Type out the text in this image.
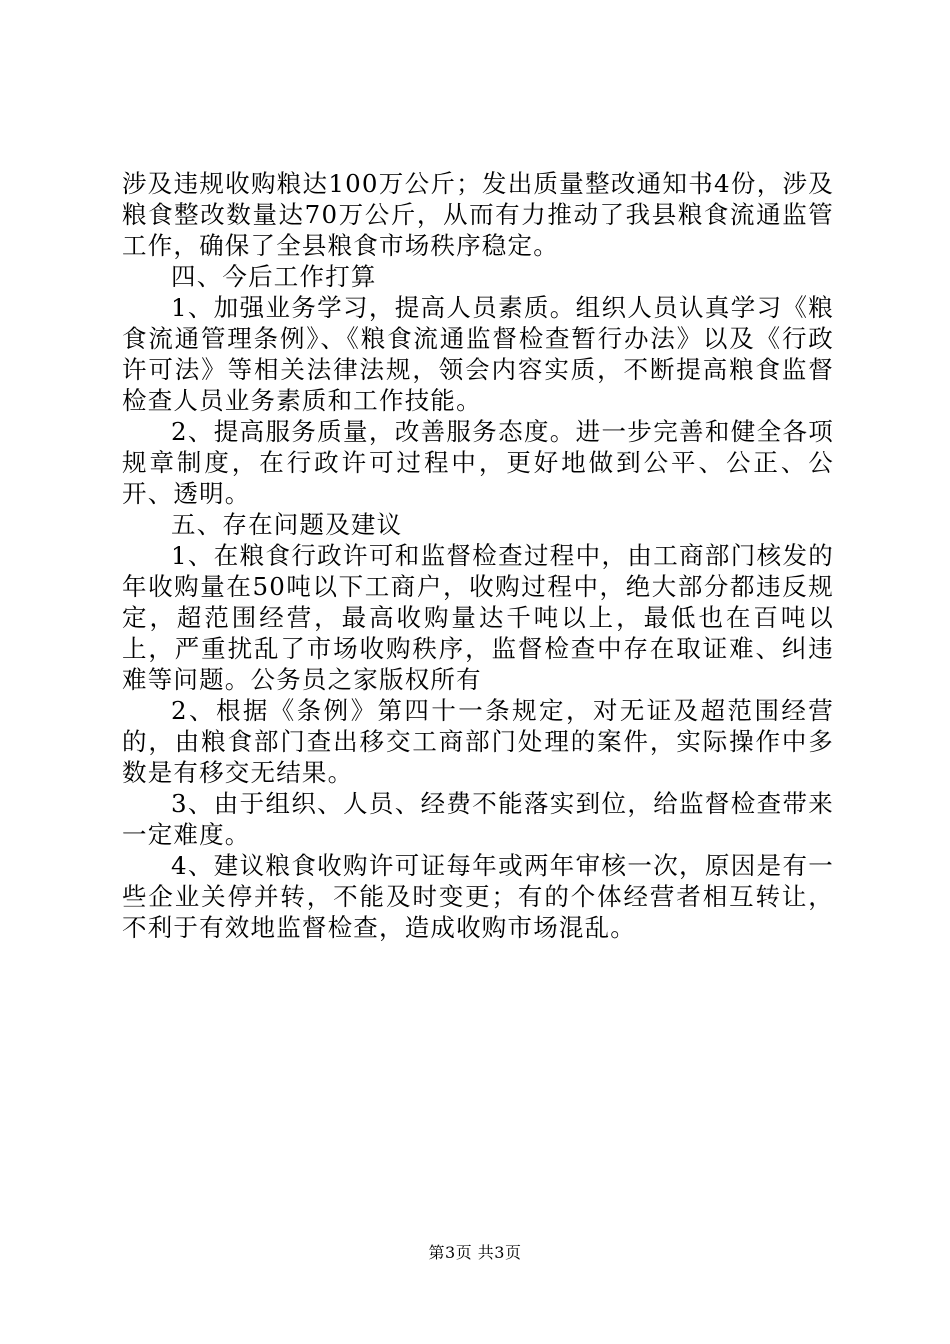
涉及违规收购粮达100万公斤；发出质量整改通知书4份，涉及粮食整改数量达70万公斤，从而有力推动了我县粮食流通监管工作，确保了全县粮食市场秩序稳定。

四、今后工作打算

1、加强业务学习，提高人员素质。组织人员认真学习《粮食流通管理条例》、《粮食流通监督检查暂行办法》以及《行政许可法》等相关法律法规，领会内容实质，不断提高粮食监督检查人员业务素质和工作技能。

2、提高服务质量，改善服务态度。进一步完善和健全各项规章制度，在行政许可过程中，更好地做到公平、公正、公开、透明。

五、存在问题及建议

1、在粮食行政许可和监督检查过程中，由工商部门核发的年收购量在50吨以下工商户，收购过程中，绝大部分都违反规定，超范围经营，最高收购量达千吨以上，最低也在百吨以上，严重扰乱了市场收购秩序，监督检查中存在取证难、纠违难等问题。公务员之家版权所有

2、根据《条例》第四十一条规定，对无证及超范围经营的，由粮食部门查出移交工商部门处理的案件，实际操作中多数是有移交无结果。

3、由于组织、人员、经费不能落实到位，给监督检查带来一定难度。

4、建议粮食收购许可证每年或两年审核一次，原因是有一些企业关停并转，不能及时变更；有的个体经营者相互转让，不利于有效地监督检查，造成收购市场混乱。

第3页 共3页
